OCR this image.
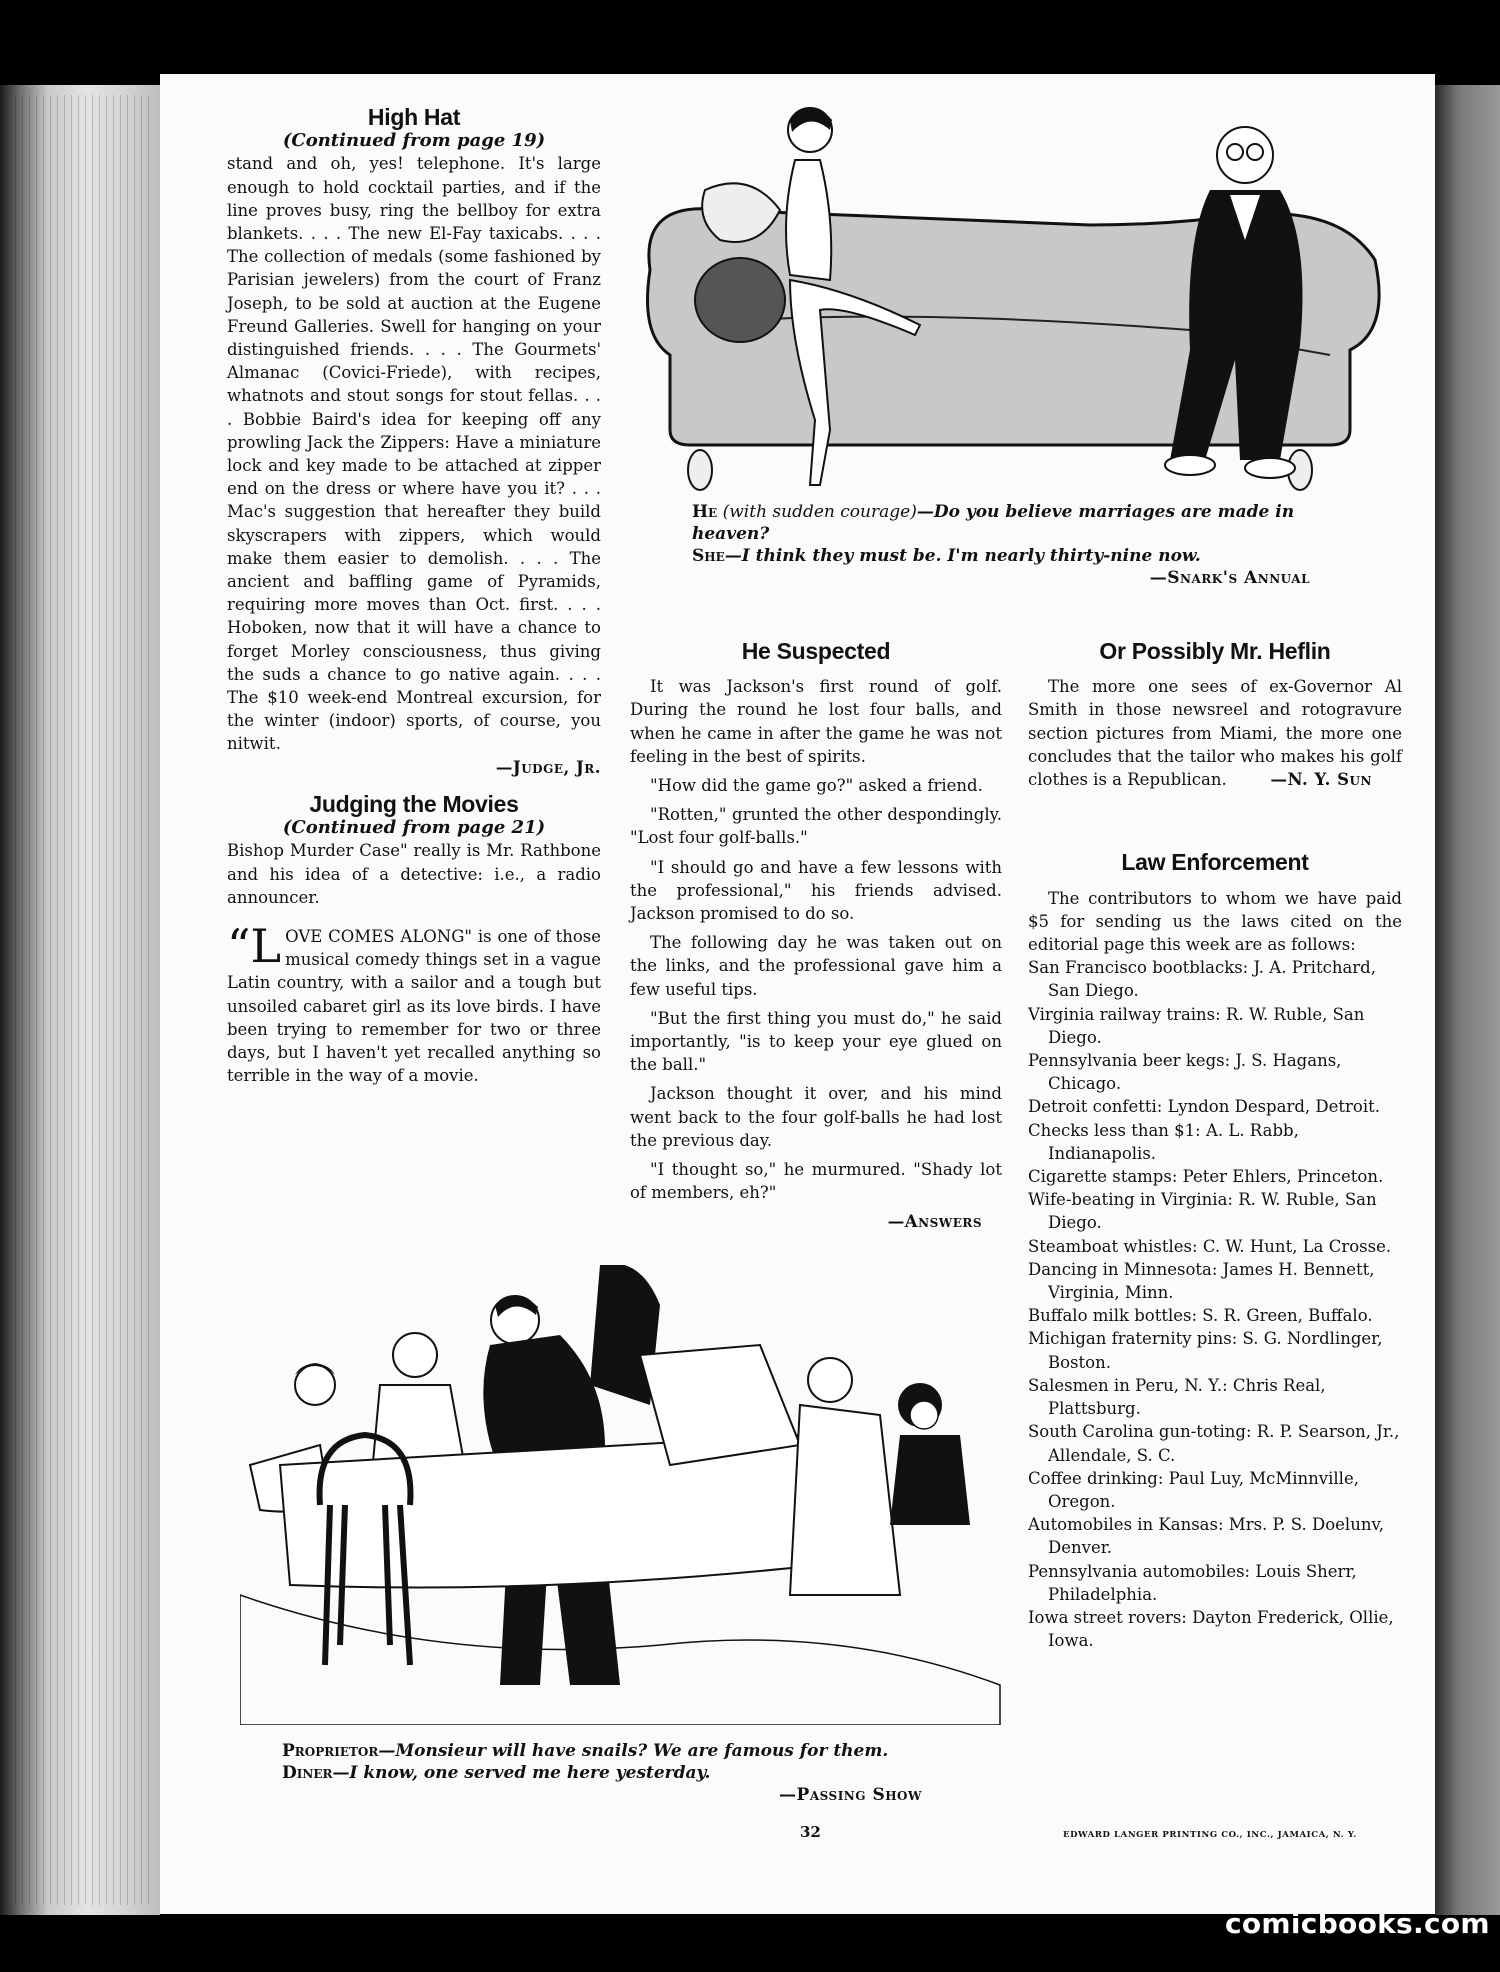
High Hat

(Continued from page 19)

stand and oh, yes! telephone. It's large enough to hold cocktail parties, and if the line proves busy, ring the bellboy for extra blankets. . . . The new El-Fay taxicabs. . . . The collection of medals (some fashioned by Parisian jewelers) from the court of Franz Joseph, to be sold at auction at the Eugene Freund Galleries. Swell for hanging on your distinguished friends. . . . The Gourmets' Almanac (Covici-Friede), with recipes, whatnots and stout songs for stout fellas. . . . Bobbie Baird's idea for keeping off any prowling Jack the Zippers: Have a miniature lock and key made to be attached at zipper end on the dress or where have you it? . . . Mac's suggestion that hereafter they build skyscrapers with zippers, which would make them easier to demolish. . . . The ancient and baffling game of Pyramids, requiring more moves than Oct. first. . . . Hoboken, now that it will have a chance to forget Morley consciousness, thus giving the suds a chance to go native again. . . . The $10 week-end Montreal excursion, for the winter (indoor) sports, of course, you nitwit.

—Judge, Jr.

Judging the Movies

(Continued from page 21)

Bishop Murder Case" really is Mr. Rathbone and his idea of a detective: i.e., a radio announcer.

“L OVE COMES ALONG" is one of those musical comedy things set in a vague Latin country, with a sailor and a tough but unsoiled cabaret girl as its love birds. I have been trying to remember for two or three days, but I haven't yet recalled anything so terrible in the way of a movie.

He (with sudden courage)—Do you believe marriages are made in heaven?
She—I think they must be. I'm nearly thirty-nine now.
—Snark's Annual

He Suspected

It was Jackson's first round of golf. During the round he lost four balls, and when he came in after the game he was not feeling in the best of spirits.

"How did the game go?" asked a friend.

"Rotten," grunted the other despondingly. "Lost four golf-balls."

"I should go and have a few lessons with the professional," his friends advised. Jackson promised to do so.

The following day he was taken out on the links, and the professional gave him a few useful tips.

"But the first thing you must do," he said importantly, "is to keep your eye glued on the ball."

Jackson thought it over, and his mind went back to the four golf-balls he had lost the previous day.

"I thought so," he murmured. "Shady lot of members, eh?"

—Answers

Or Possibly Mr. Heflin

The more one sees of ex-Governor Al Smith in those newsreel and rotogravure section pictures from Miami, the more one concludes that the tailor who makes his golf clothes is a Republican.	—N. Y. Sun

Law Enforcement

The contributors to whom we have paid $5 for sending us the laws cited on the editorial page this week are as follows:

San Francisco bootblacks: J. A. Pritchard, San Diego.

Virginia railway trains: R. W. Ruble, San Diego.

Pennsylvania beer kegs: J. S. Hagans, Chicago.

Detroit confetti: Lyndon Despard, Detroit.

Checks less than $1: A. L. Rabb, Indianapolis.

Cigarette stamps: Peter Ehlers, Princeton.

Wife-beating in Virginia: R. W. Ruble, San Diego.

Steamboat whistles: C. W. Hunt, La Crosse.

Dancing in Minnesota: James H. Bennett, Virginia, Minn.

Buffalo milk bottles: S. R. Green, Buffalo.

Michigan fraternity pins: S. G. Nordlinger, Boston.

Salesmen in Peru, N. Y.: Chris Real, Plattsburg.

South Carolina gun-toting: R. P. Searson, Jr., Allendale, S. C.

Coffee drinking: Paul Luy, McMinnville, Oregon.

Automobiles in Kansas: Mrs. P. S. Doelunv, Denver.

Pennsylvania automobiles: Louis Sherr, Philadelphia.

Iowa street rovers: Dayton Frederick, Ollie, Iowa.

Proprietor—Monsieur will have snails? We are famous for them.
Diner—I know, one served me here yesterday.
—Passing Show
32	EDWARD LANGER PRINTING CO., INC., JAMAICA, N. Y.
comicbooks.com
